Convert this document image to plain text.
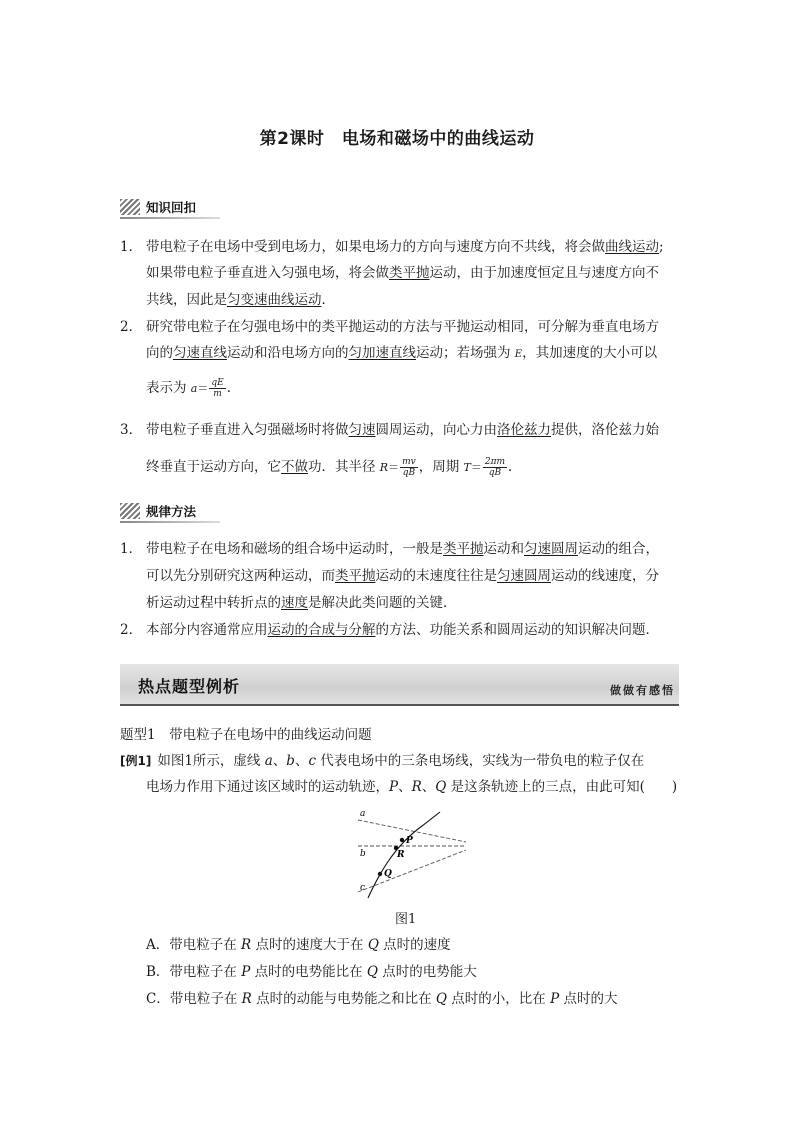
第2课时　电场和磁场中的曲线运动
知识回扣
1． 带电粒子在电场中受到电场力，如果电场力的方向与速度方向不共线，将会做曲线运动;
如果带电粒子垂直进入匀强电场，将会做类平抛运动，由于加速度恒定且与速度方向不
共线，因此是匀变速曲线运动．
2． 研究带电粒子在匀强电场中的类平抛运动的方法与平抛运动相同，可分解为垂直电场方
向的匀速直线运动和沿电场方向的匀加速直线运动；若场强为 E，其加速度的大小可以
表示为 $a= \frac{qE}{m}$ ．
3． 带电粒子垂直进入匀强磁场时将做匀速圆周运动，向心力由洛伦兹力提供，洛伦兹力始
终垂直于运动方向，它不做功．其半径 $R= \frac{mv}{qB}$ ，周期 $T= \frac{2\pi m}{qB}$ ．
规律方法
1． 带电粒子在电场和磁场的组合场中运动时，一般是类平抛运动和匀速圆周运动的组合，
可以先分别研究这两种运动，而类平抛运动的末速度往往是匀速圆周运动的线速度，分
析运动过程中转折点的速度是解决此类问题的关键．
2． 本部分内容通常应用运动的合成与分解的方法、功能关系和圆周运动的知识解决问题．
热点题型例析	做做有感悟
题型1　带电粒子在电场中的曲线运动问题
[例1] 如图1所示，虚线 a、b、c 代表电场中的三条电场线，实线为一带负电的粒子仅在
电场力作用下通过该区域时的运动轨迹，P、R、Q 是这条轨迹上的三点，由此可知(　　)
a
b
c
P
R
Q
图1
A．带电粒子在 R 点时的速度大于在 Q 点时的速度
B．带电粒子在 P 点时的电势能比在 Q 点时的电势能大
C．带电粒子在 R 点时的动能与电势能之和比在 Q 点时的小，比在 P 点时的大
